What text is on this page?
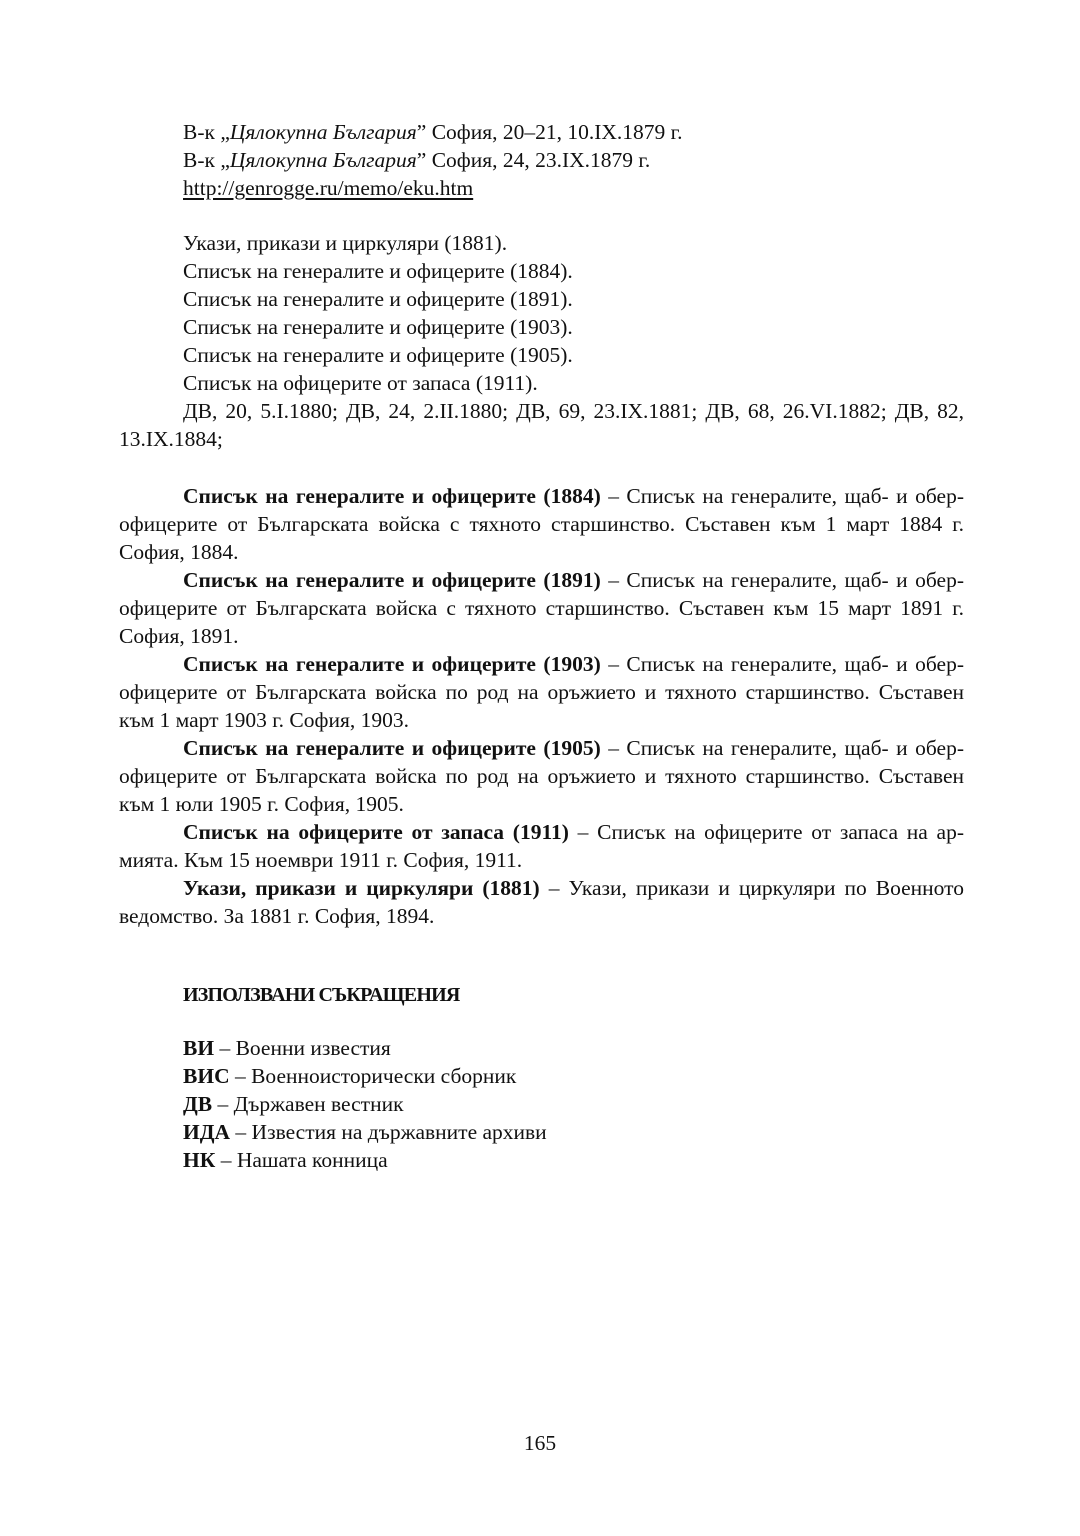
В-к „Цялокупна България” София, 20–21, 10.IX.1879 г.
В-к „Цялокупна България” София, 24, 23.IX.1879 г.
http://genrogge.ru/memo/eku.htm
Укази, прикази и циркуляри (1881).
Списък на генералите и офицерите (1884).
Списък на генералите и офицерите (1891).
Списък на генералите и офицерите (1903).
Списък на генералите и офицерите (1905).
Списък на офицерите от запаса (1911).
ДВ, 20, 5.I.1880; ДВ, 24, 2.II.1880; ДВ, 69, 23.IX.1881; ДВ, 68, 26.VI.1882; ДВ, 82,
13.IX.1884;
Списък на генералите и офицерите (1884) – Списък на генералите, щаб- и обер-
офицерите от Българската войска с тяхното старшинство. Съставен към 1 март 1884 г.
София, 1884.
Списък на генералите и офицерите (1891) – Списък на генералите, щаб- и обер-
офицерите от Българската войска с тяхното старшинство. Съставен към 15 март 1891 г.
София, 1891.
Списък на генералите и офицерите (1903) – Списък на генералите, щаб- и обер-
офицерите от Българската войска по род на оръжието и тяхното старшинство. Съставен
към 1 март 1903 г. София, 1903.
Списък на генералите и офицерите (1905) – Списък на генералите, щаб- и обер-
офицерите от Българската войска по род на оръжието и тяхното старшинство. Съставен
към 1 юли 1905 г. София, 1905.
Списък на офицерите от запаса (1911) – Списък на офицерите от запаса на ар-
мията. Към 15 ноември 1911 г. София, 1911.
Укази, прикази и циркуляри (1881) – Укази, прикази и циркуляри по Военното
ведомство. За 1881 г. София, 1894.
ИЗПОЛЗВАНИ СЪКРАЩЕНИЯ
ВИ – Военни известия
ВИС – Военноисторически сборник
ДВ – Държавен вестник
ИДА – Известия на държавните архиви
НК – Нашата конница
165
